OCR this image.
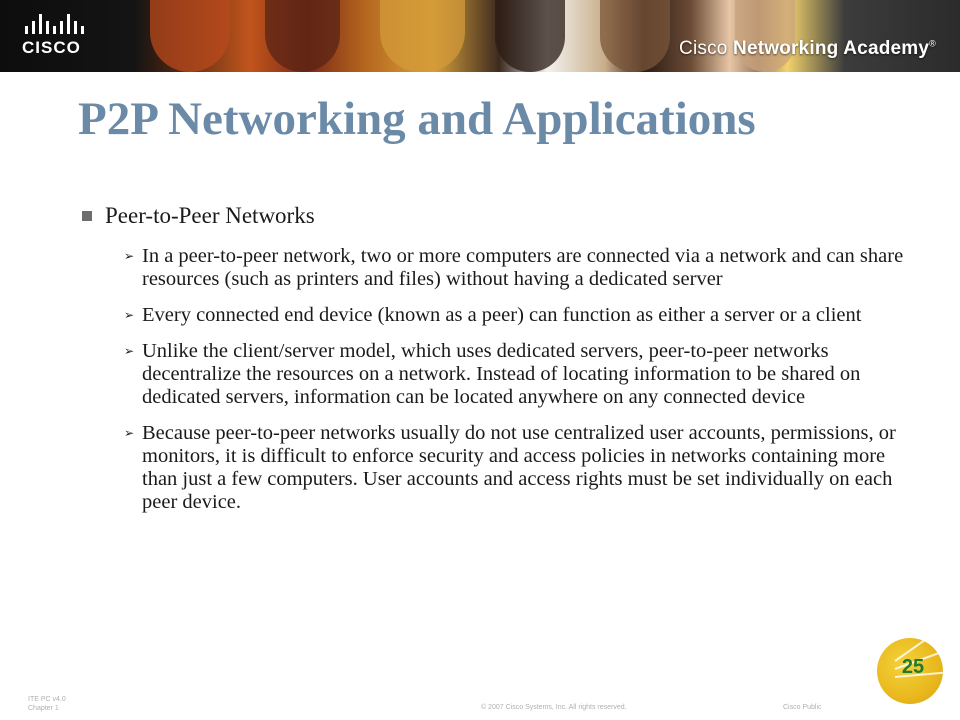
CISCO	Cisco Networking Academy®
P2P Networking and Applications
Peer-to-Peer Networks
➢ In a peer-to-peer network, two or more computers are connected via a network and can share resources (such as printers and files) without having a dedicated server
➢ Every connected end device (known as a peer) can function as either a server or a client
➢ Unlike the client/server model, which uses dedicated servers, peer-to-peer networks decentralize the resources on a network. Instead of locating information to be shared on dedicated servers, information can be located anywhere on any connected device
➢ Because peer-to-peer networks usually do not use centralized user accounts, permissions, or monitors, it is difficult to enforce security and access policies in networks containing more than just a few computers. User accounts and access rights must be set individually on each peer device.
ITE PC v4.0
Chapter 1	© 2007 Cisco Systems, Inc. All rights reserved.	Cisco Public
25
